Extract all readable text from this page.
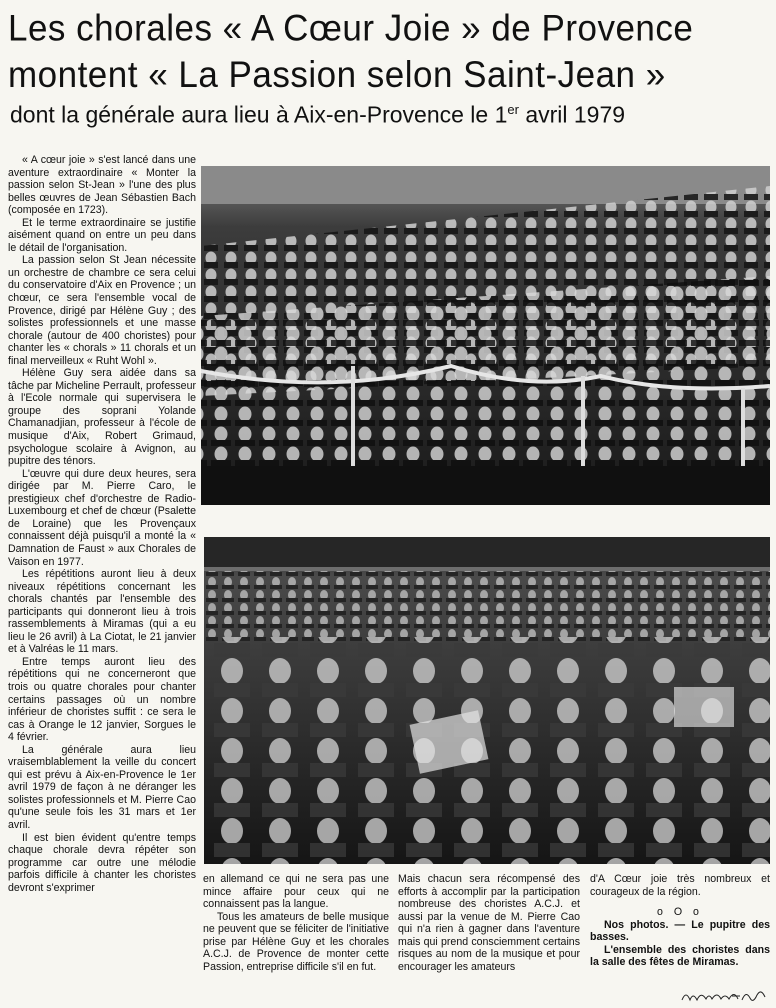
Les chorales « A Cœur Joie » de Provence
montent « La Passion selon Saint-Jean »
dont la générale aura lieu à Aix-en-Provence le 1er avril 1979

« A cœur joie » s'est lancé dans une aventure extraordinaire « Monter la passion selon St-Jean » l'une des plus belles œuvres de Jean Sébastien Bach (composée en 1723).

Et le terme extraordinaire se justifie aisément quand on entre un peu dans le détail de l'organisation.

La passion selon St Jean nécessite un orchestre de chambre ce sera celui du conservatoire d'Aix en Provence ; un chœur, ce sera l'ensemble vocal de Provence, dirigé par Hélène Guy ; des solistes professionnels et une masse chorale (autour de 400 choristes) pour chanter les « chorals » 11 chorals et un final merveilleux « Ruht Wohl ».

Hélène Guy sera aidée dans sa tâche par Micheline Perrault, professeur à l'Ecole normale qui supervisera le groupe des soprani Yolande Chamanadjian, professeur à l'école de musique d'Aix, Robert Grimaud, psychologue scolaire à Avignon, au pupitre des ténors.

L'œuvre qui dure deux heures, sera dirigée par M. Pierre Caro, le prestigieux chef d'orchestre de Radio-Luxembourg et chef de chœur (Psalette de Loraine) que les Provençaux connaissent déjà puisqu'il a monté la « Damnation de Faust » aux Chorales de Vaison en 1977.

Les répétitions auront lieu à deux niveaux répétitions concernant les chorals chantés par l'ensemble des participants qui donneront lieu à trois rassemblements à Miramas (qui a eu lieu le 26 avril) à La Ciotat, le 21 janvier et à Valréas le 11 mars.

Entre temps auront lieu des répétitions qui ne concerneront que trois ou quatre chorales pour chanter certains passages où un nombre inférieur de choristes suffit : ce sera le cas à Orange le 12 janvier, Sorgues le 4 février.

La générale aura lieu vraisemblablement la veille du concert qui est prévu à Aix-en-Provence le 1er avril 1979 de façon à ne déranger les solistes professionnels et M. Pierre Cao qu'une seule fois les 31 mars et 1er avril.

Il est bien évident qu'entre temps chaque chorale devra répéter son programme car outre une mélodie parfois difficile à chanter les choristes devront s'exprimer

en allemand ce qui ne sera pas une mince affaire pour ceux qui ne connaissent pas la langue.

Tous les amateurs de belle musique ne peuvent que se féliciter de l'initiative prise par Hélène Guy et les chorales A.C.J. de Provence de monter cette Passion, entreprise difficile s'il en fut.

Mais chacun sera récompensé des efforts à accomplir par la participation nombreuse des choristes A.C.J. et aussi par la venue de M. Pierre Cao qui n'a rien à gagner dans l'aventure mais qui prend consciemment certains risques au nom de la musique et pour encourager les amateurs

d'A Cœur joie très nombreux et courageux de la région.

o O o

Nos photos. — Le pupitre des basses.

L'ensemble des choristes dans la salle des fêtes de Miramas.
